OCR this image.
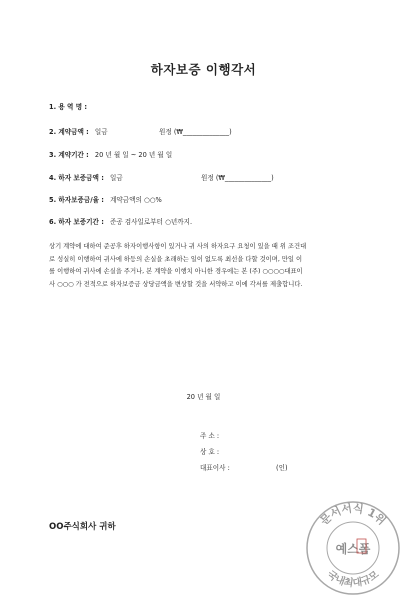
하자보증 이행각서
1. 용 역 명 :
2. 계약금액 : 일금	원정 (₩______________)
3. 계약기간 : 20 년 월 일 ~ 20 년 월 일
4. 하자 보증금액 : 일금	원정 (₩______________)
5. 하자보증금/율 : 계약금액의 ○○%
6. 하자 보증기간 : 준공 검사일로부터 ○년까지.

상기 계약에 대하여 준공후 하자이행사항이 있거나 귀 사의 하자요구 요청이 있을 때 위 조건대

로 성실히 이행하여 귀사에 하등의 손실을 초래하는 일이 없도록 최선을 다할 것이며, 만일 이

를 이행하여 귀사에 손실을 주거나, 본 계약을 이행치 아니한 경우에는 본 (주) ○○○○대표이

사 ○○○ 가 전적으로 하자보증금 상당금액을 변상할 것을 서약하고 이에 각서를 제출합니다.

20 년 월 일
주 소 :
상 호 :
대표이사 :	(인)
OO주식회사 귀하	문서서식 1위
국내최대규모
예스폼
